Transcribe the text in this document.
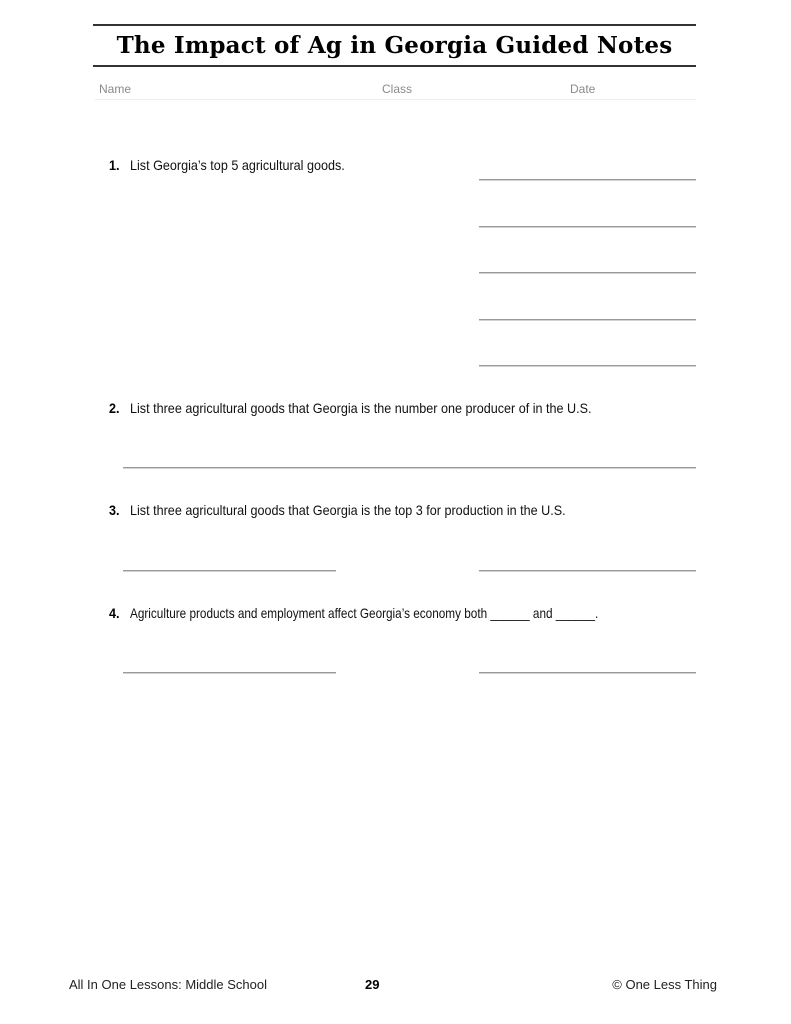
The Impact of Ag in Georgia Guided Notes
Name	Class	Date
1. List Georgia’s top 5 agricultural goods.
2. List three agricultural goods that Georgia is the number one producer of in the U.S.
3. List three agricultural goods that Georgia is the top 3 for production in the U.S.
4. Agriculture products and employment affect Georgia’s economy both ______ and ______.
All In One Lessons: Middle School	29	© One Less Thing
